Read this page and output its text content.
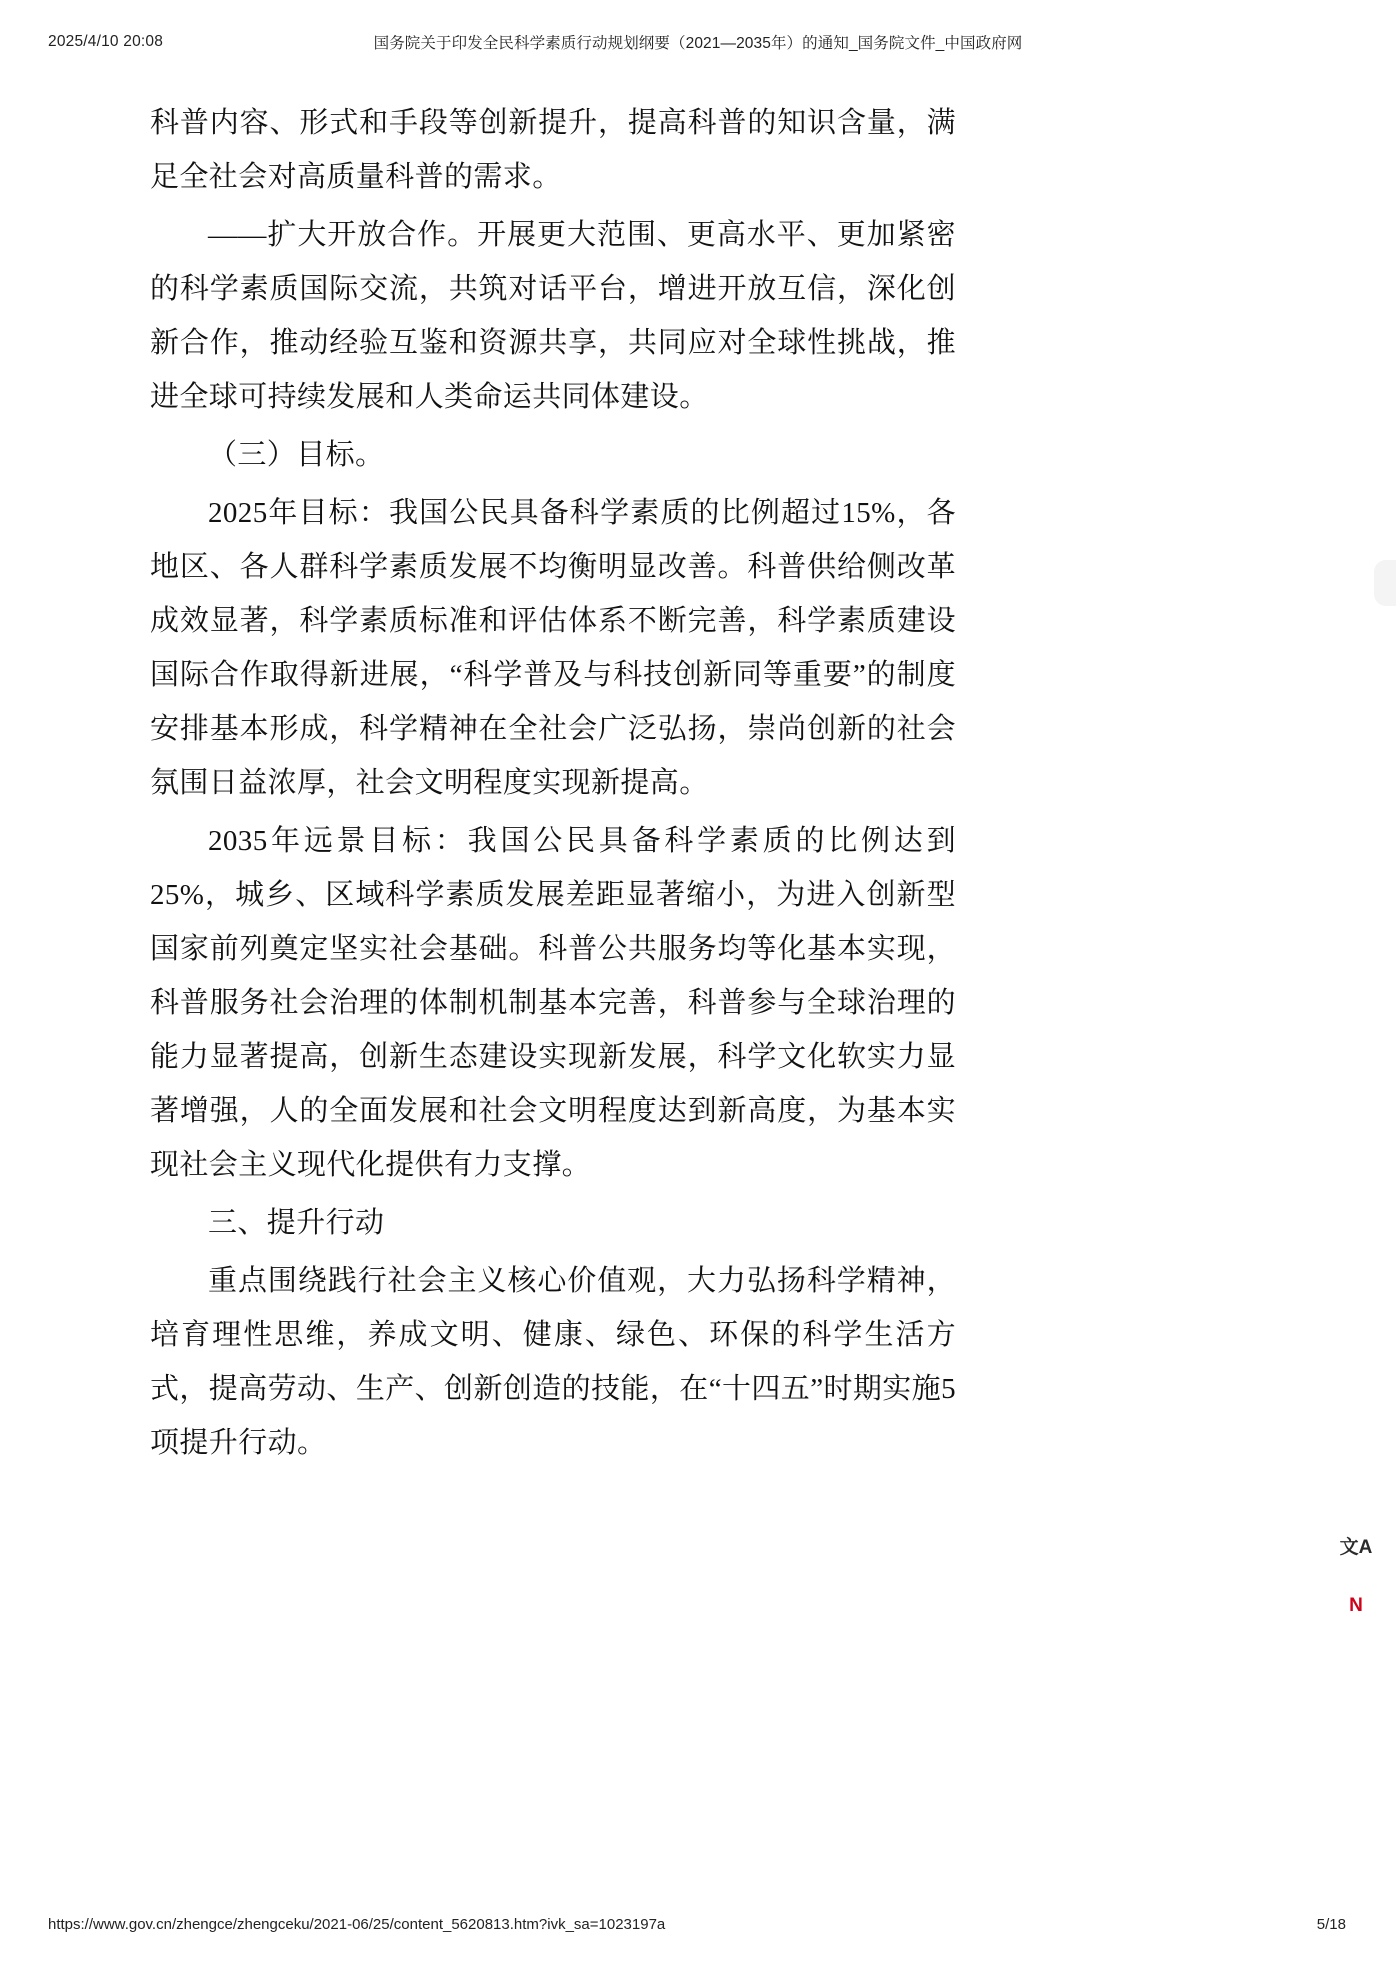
2025/4/10 20:08	国务院关于印发全民科学素质行动规划纲要（2021—2035年）的通知_国务院文件_中国政府网

科普内容、形式和手段等创新提升，提高科普的知识含量，满足全社会对高质量科普的需求。

——扩大开放合作。开展更大范围、更高水平、更加紧密的科学素质国际交流，共筑对话平台，增进开放互信，深化创新合作，推动经验互鉴和资源共享，共同应对全球性挑战，推进全球可持续发展和人类命运共同体建设。

（三）目标。

2025年目标：我国公民具备科学素质的比例超过15%，各地区、各人群科学素质发展不均衡明显改善。科普供给侧改革成效显著，科学素质标准和评估体系不断完善，科学素质建设国际合作取得新进展，“科学普及与科技创新同等重要”的制度安排基本形成，科学精神在全社会广泛弘扬，崇尚创新的社会氛围日益浓厚，社会文明程度实现新提高。

2035年远景目标：我国公民具备科学素质的比例达到25%，城乡、区域科学素质发展差距显著缩小，为进入创新型国家前列奠定坚实社会基础。科普公共服务均等化基本实现，科普服务社会治理的体制机制基本完善，科普参与全球治理的能力显著提高，创新生态建设实现新发展，科学文化软实力显著增强，人的全面发展和社会文明程度达到新高度，为基本实现社会主义现代化提供有力支撑。

三、提升行动

重点围绕践行社会主义核心价值观，大力弘扬科学精神，培育理性思维，养成文明、健康、绿色、环保的科学生活方式，提高劳动、生产、创新创造的技能，在“十四五”时期实施5项提升行动。

文A
N
https://www.gov.cn/zhengce/zhengceku/2021-06/25/content_5620813.htm?ivk_sa=1023197a	5/18
